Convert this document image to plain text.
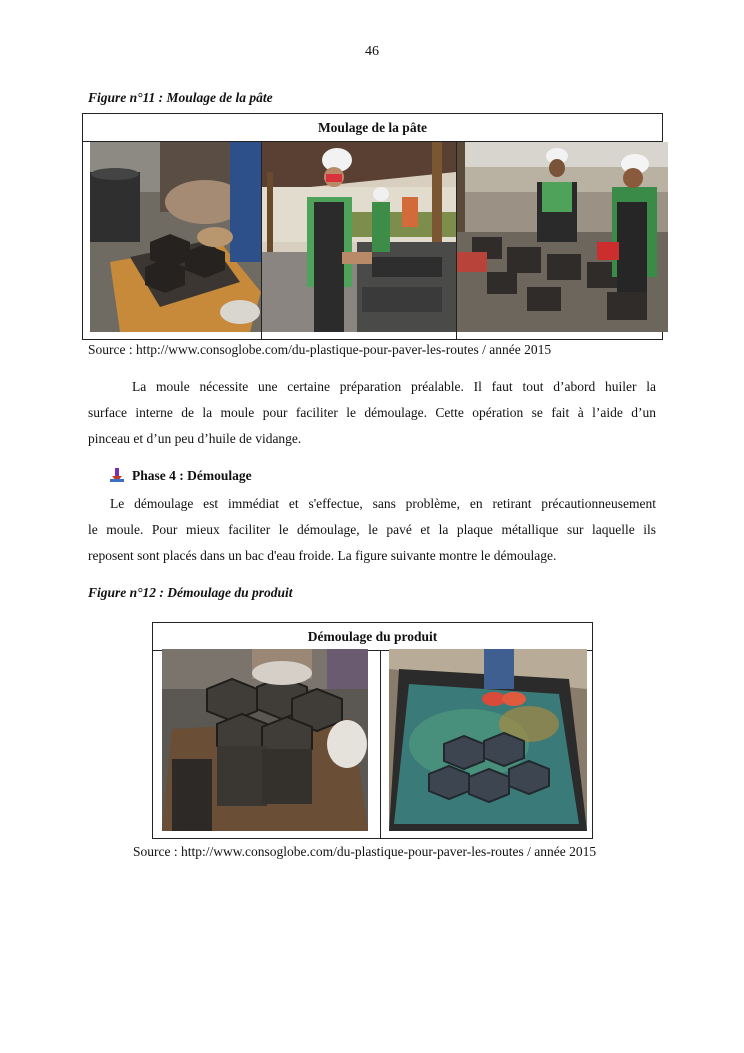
46
Figure n°11 : Moulage de la pâte
Moulage de la pâte
Source : http://www.consoglobe.com/du-plastique-pour-paver-les-routes / année 2015
La moule nécessite une certaine préparation préalable. Il faut tout d’abord huiler la
surface interne de la moule pour faciliter le démoulage. Cette opération se fait à l’aide d’un
pinceau et d’un peu d’huile de vidange.
Phase 4 : Démoulage
Le démoulage est immédiat et s'effectue, sans problème, en retirant précautionneusement
le moule. Pour mieux faciliter le démoulage, le pavé et la plaque métallique sur laquelle ils
reposent sont placés dans un bac d'eau froide. La figure suivante montre le démoulage.
Figure n°12 : Démoulage du produit
Démoulage du produit
Source : http://www.consoglobe.com/du-plastique-pour-paver-les-routes / année 2015
